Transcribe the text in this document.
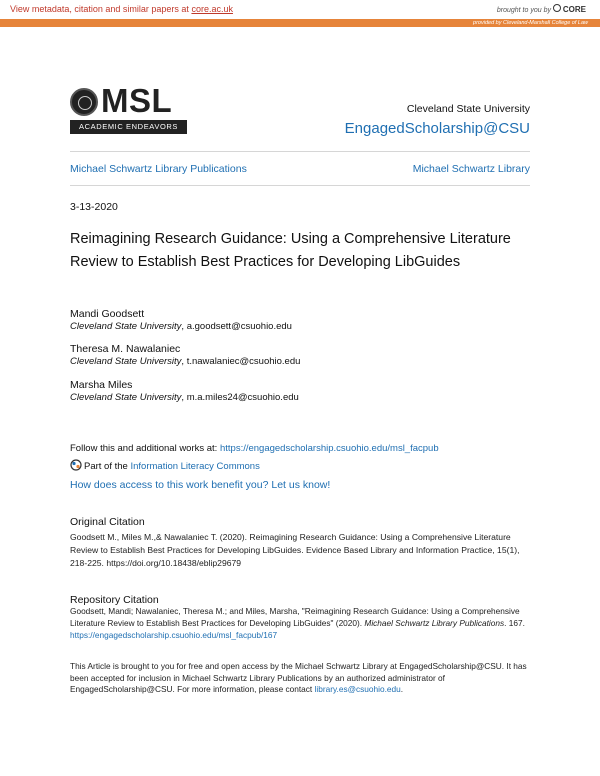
View metadata, citation and similar papers at core.ac.uk	brought to you by CORE
provided by Cleveland-Marshall College of Law
MSL
ACADEMIC ENDEAVORS
Cleveland State University
EngagedScholarship@CSU
Michael Schwartz Library Publications	Michael Schwartz Library
3-13-2020
Reimagining Research Guidance: Using a Comprehensive Literature Review to Establish Best Practices for Developing LibGuides
Mandi Goodsett
Cleveland State University, a.goodsett@csuohio.edu
Theresa M. Nawalaniec
Cleveland State University, t.nawalaniec@csuohio.edu
Marsha Miles
Cleveland State University, m.a.miles24@csuohio.edu
Follow this and additional works at: https://engagedscholarship.csuohio.edu/msl_facpub
Part of the Information Literacy Commons
How does access to this work benefit you? Let us know!
Original Citation
Goodsett M., Miles M.,& Nawalaniec T. (2020). Reimagining Research Guidance: Using a Comprehensive Literature Review to Establish Best Practices for Developing LibGuides. Evidence Based Library and Information Practice, 15(1), 218-225. https://doi.org/10.18438/eblip29679
Repository Citation
Goodsett, Mandi; Nawalaniec, Theresa M.; and Miles, Marsha, "Reimagining Research Guidance: Using a Comprehensive Literature Review to Establish Best Practices for Developing LibGuides" (2020). Michael Schwartz Library Publications. 167.
https://engagedscholarship.csuohio.edu/msl_facpub/167
This Article is brought to you for free and open access by the Michael Schwartz Library at EngagedScholarship@CSU. It has been accepted for inclusion in Michael Schwartz Library Publications by an authorized administrator of EngagedScholarship@CSU. For more information, please contact library.es@csuohio.edu.
